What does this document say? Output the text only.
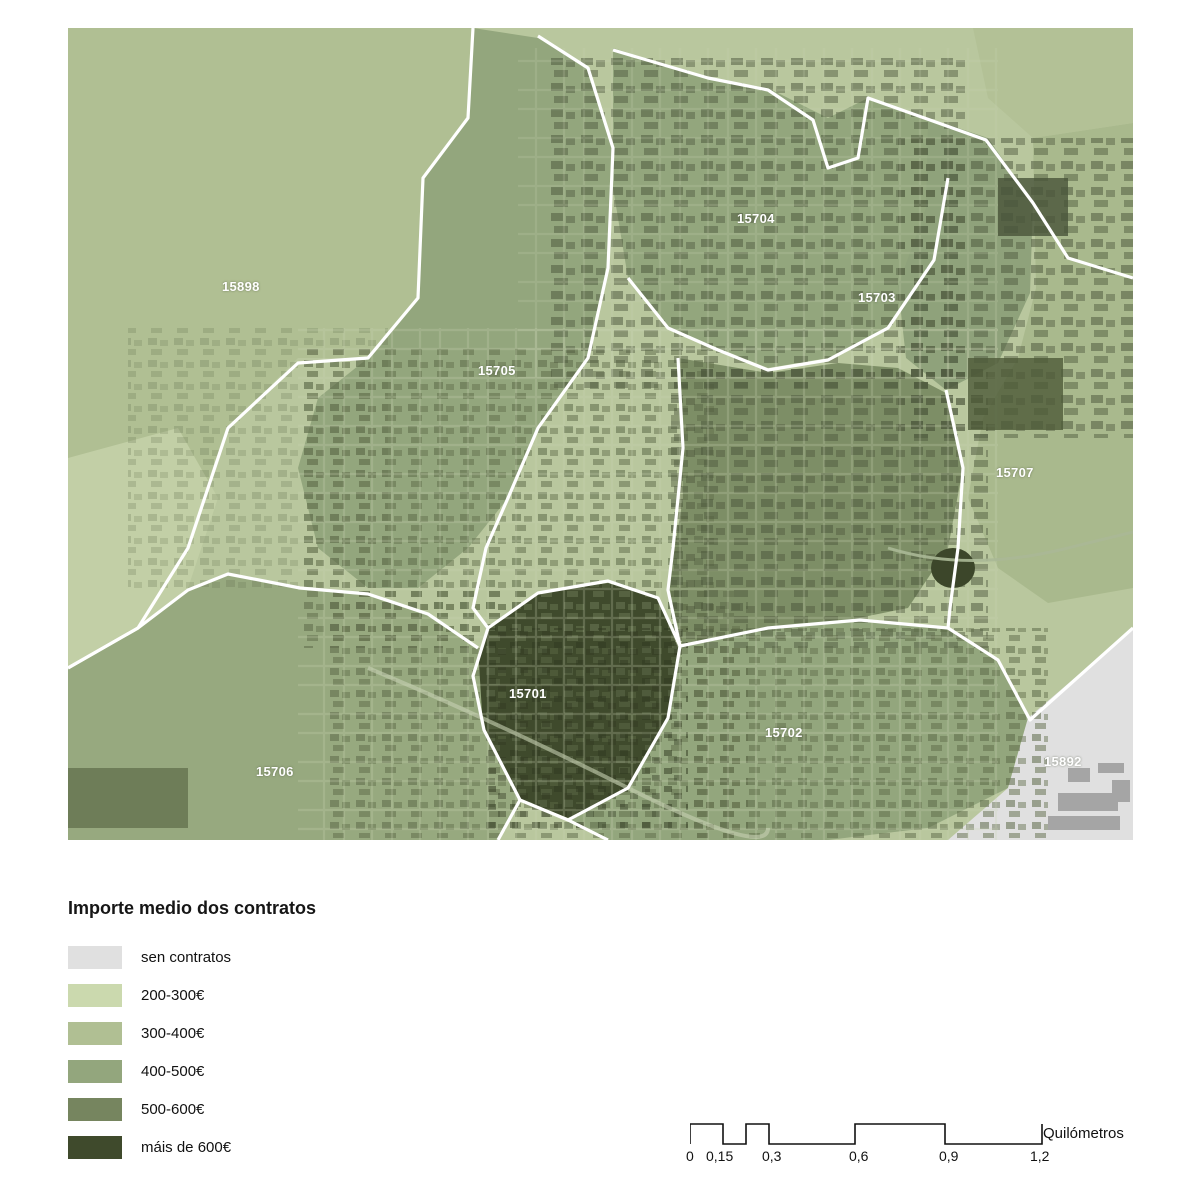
15898
15704
15703
15705
15707
15701
15702
15706
15892
Importe medio dos contratos
sen contratos
200-300€
300-400€
400-500€
500-600€
máis de 600€
Quilómetros
0 0,15 0,3	0,6	0,9	1,2
